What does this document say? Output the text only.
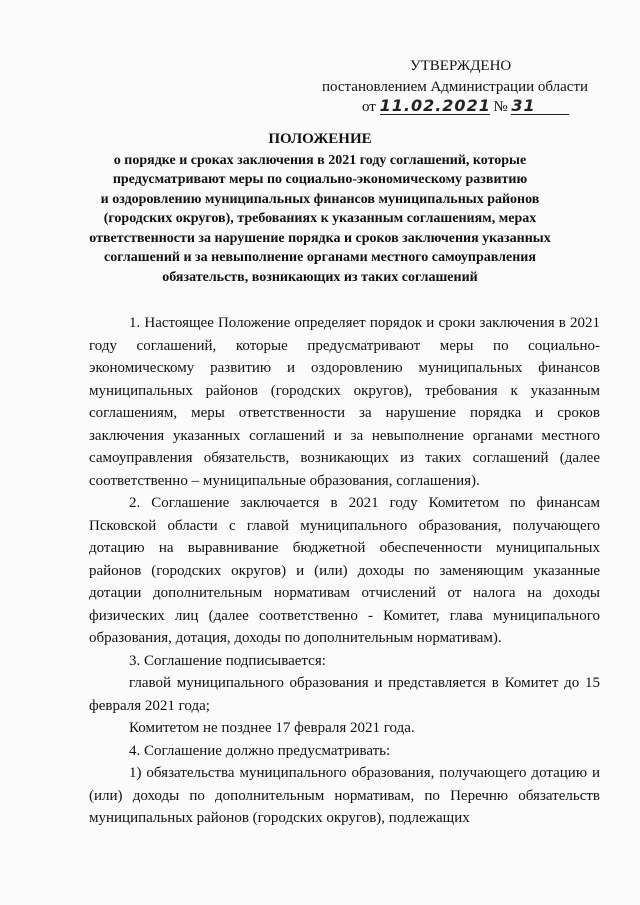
УТВЕРЖДЕНО
постановлением Администрации области
от 11.02.2021 № 31
ПОЛОЖЕНИЕ
о порядке и сроках заключения в 2021 году соглашений, которые
предусматривают меры по социально-экономическому развитию
и оздоровлению муниципальных финансов муниципальных районов
(городских округов), требованиях к указанным соглашениям, мерах
ответственности за нарушение порядка и сроков заключения указанных
соглашений и за невыполнение органами местного самоуправления
обязательств, возникающих из таких соглашений

1. Настоящее Положение определяет порядок и сроки заключения в 2021 году соглашений, которые предусматривают меры по социально-экономическому развитию и оздоровлению муниципальных финансов муниципальных районов (городских округов), требования к указанным соглашениям, меры ответственности за нарушение порядка и сроков заключения указанных соглашений и за невыполнение органами местного самоуправления обязательств, возникающих из таких соглашений (далее соответственно – муниципальные образования, соглашения).

2. Соглашение заключается в 2021 году Комитетом по финансам Псковской области с главой муниципального образования, получающего дотацию на выравнивание бюджетной обеспеченности муниципальных районов (городских округов) и (или) доходы по заменяющим указанные дотации дополнительным нормативам отчислений от налога на доходы физических лиц (далее соответственно - Комитет, глава муниципального образования, дотация, доходы по дополнительным нормативам).

3. Соглашение подписывается:

главой муниципального образования и представляется в Комитет до 15 февраля 2021 года;

Комитетом не позднее 17 февраля 2021 года.

4. Соглашение должно предусматривать:

1) обязательства муниципального образования, получающего дотацию и (или) доходы по дополнительным нормативам, по Перечню обязательств муниципальных районов (городских округов), подлежащих
